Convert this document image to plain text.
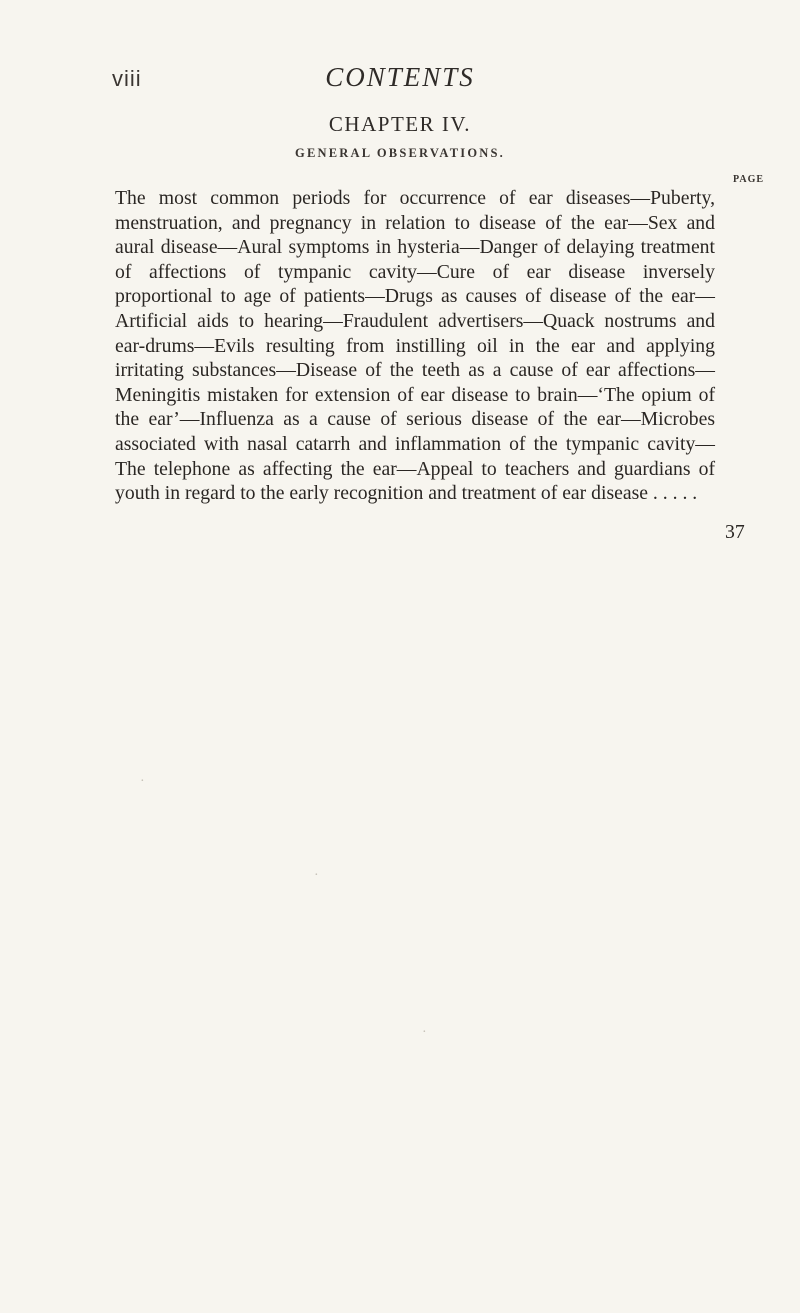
viii	CONTENTS
CHAPTER IV.
GENERAL OBSERVATIONS.
PAGE
The most common periods for occurrence of ear diseases—Puberty, menstruation, and pregnancy in relation to disease of the ear—Sex and aural disease—Aural symptoms in hysteria—Danger of delaying treatment of affections of tympanic cavity—Cure of ear disease inversely proportional to age of patients—Drugs as causes of disease of the ear—Artificial aids to hearing—Fraudulent advertisers—Quack nostrums and ear-drums—Evils resulting from instilling oil in the ear and applying irritating substances—Disease of the teeth as a cause of ear affections—Meningitis mistaken for extension of ear disease to brain—‘The opium of the ear’—Influenza as a cause of serious disease of the ear—Microbes associated with nasal catarrh and inflammation of the tympanic cavity—The telephone as affecting the ear—Appeal to teachers and guardians of youth in regard to the early recognition and treatment of ear disease . . . . .
37
·
·
·
